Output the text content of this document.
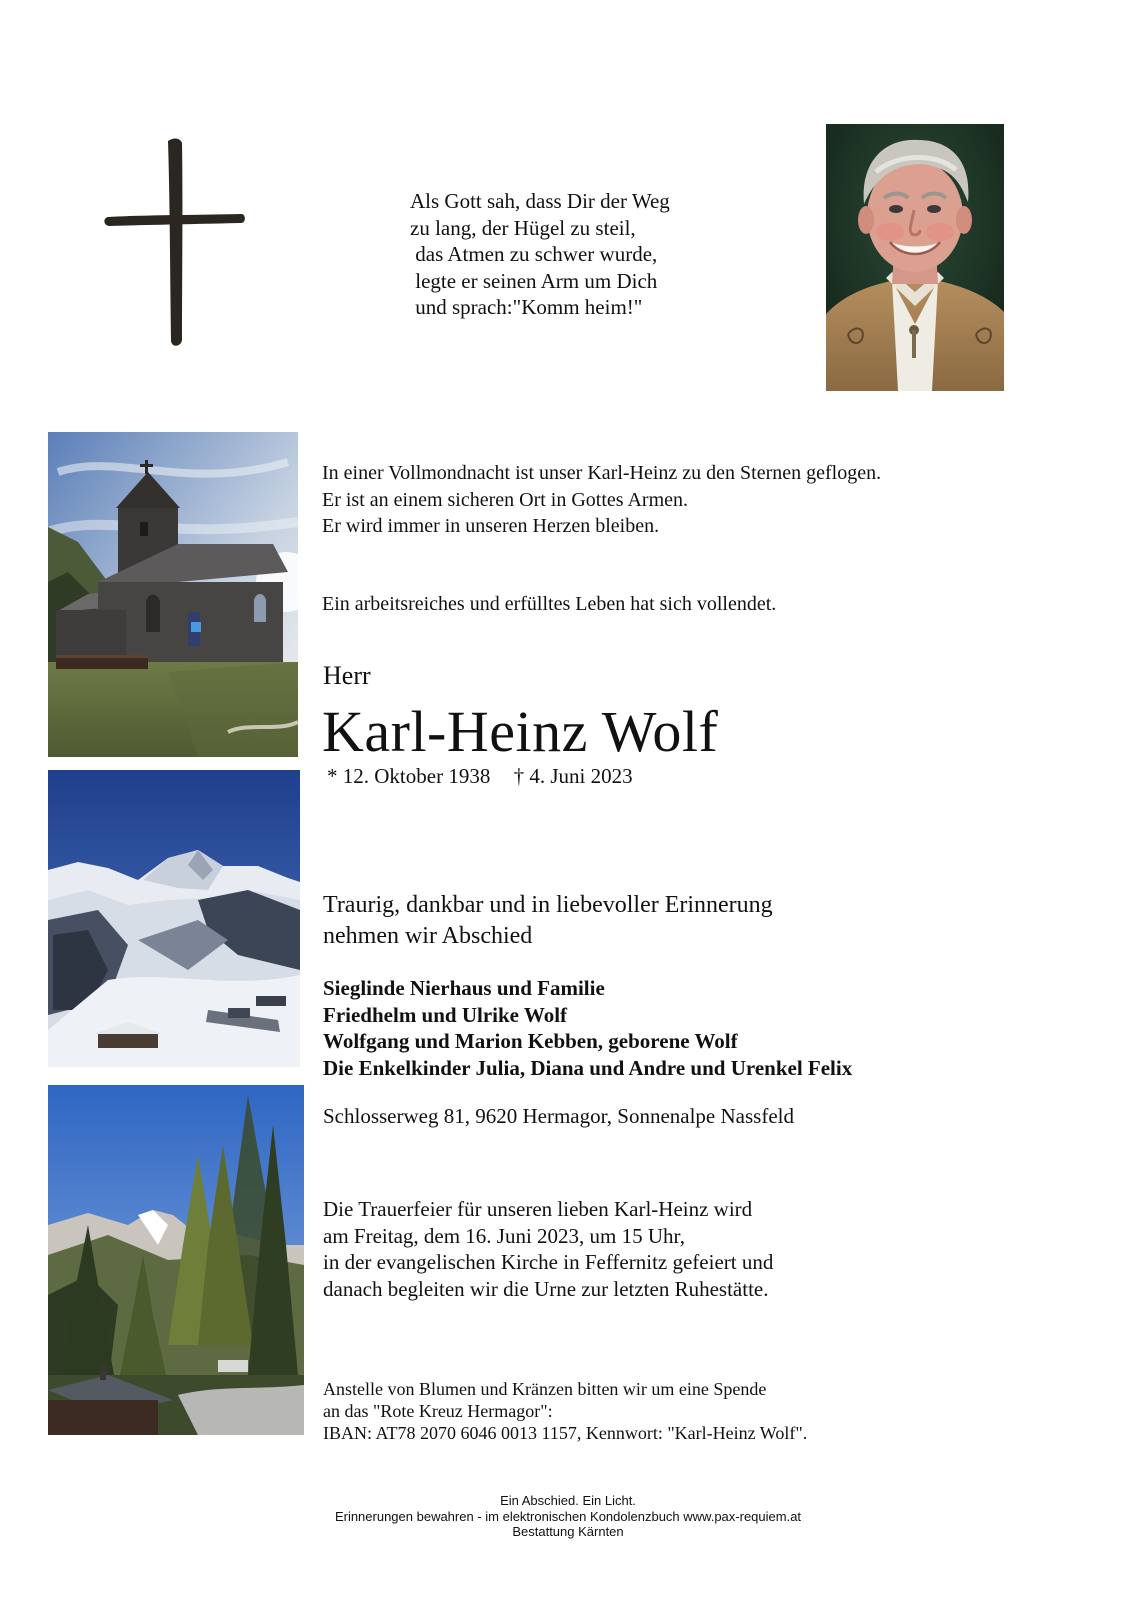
Als Gott sah, dass Dir der Weg
zu lang, der Hügel zu steil,
das Atmen zu schwer wurde,
legte er seinen Arm um Dich
und sprach:"Komm heim!"
In einer Vollmondnacht ist unser Karl-Heinz zu den Sternen geflogen.
Er ist an einem sicheren Ort in Gottes Armen.
Er wird immer in unseren Herzen bleiben.
Ein arbeitsreiches und erfülltes Leben hat sich vollendet.
Herr
Karl-Heinz Wolf
* 12. Oktober 1938 † 4. Juni 2023
Traurig, dankbar und in liebevoller Erinnerung
nehmen wir Abschied
Sieglinde Nierhaus und Familie
Friedhelm und Ulrike Wolf
Wolfgang und Marion Kebben, geborene Wolf
Die Enkelkinder Julia, Diana und Andre und Urenkel Felix
Schlosserweg 81, 9620 Hermagor, Sonnenalpe Nassfeld
Die Trauerfeier für unseren lieben Karl-Heinz wird
am Freitag, dem 16. Juni 2023, um 15 Uhr,
in der evangelischen Kirche in Feffernitz gefeiert und
danach begleiten wir die Urne zur letzten Ruhestätte.
Anstelle von Blumen und Kränzen bitten wir um eine Spende
an das "Rote Kreuz Hermagor":
IBAN: AT78 2070 6046 0013 1157, Kennwort: "Karl-Heinz Wolf".
Ein Abschied. Ein Licht.
Erinnerungen bewahren - im elektronischen Kondolenzbuch www.pax-requiem.at
Bestattung Kärnten
